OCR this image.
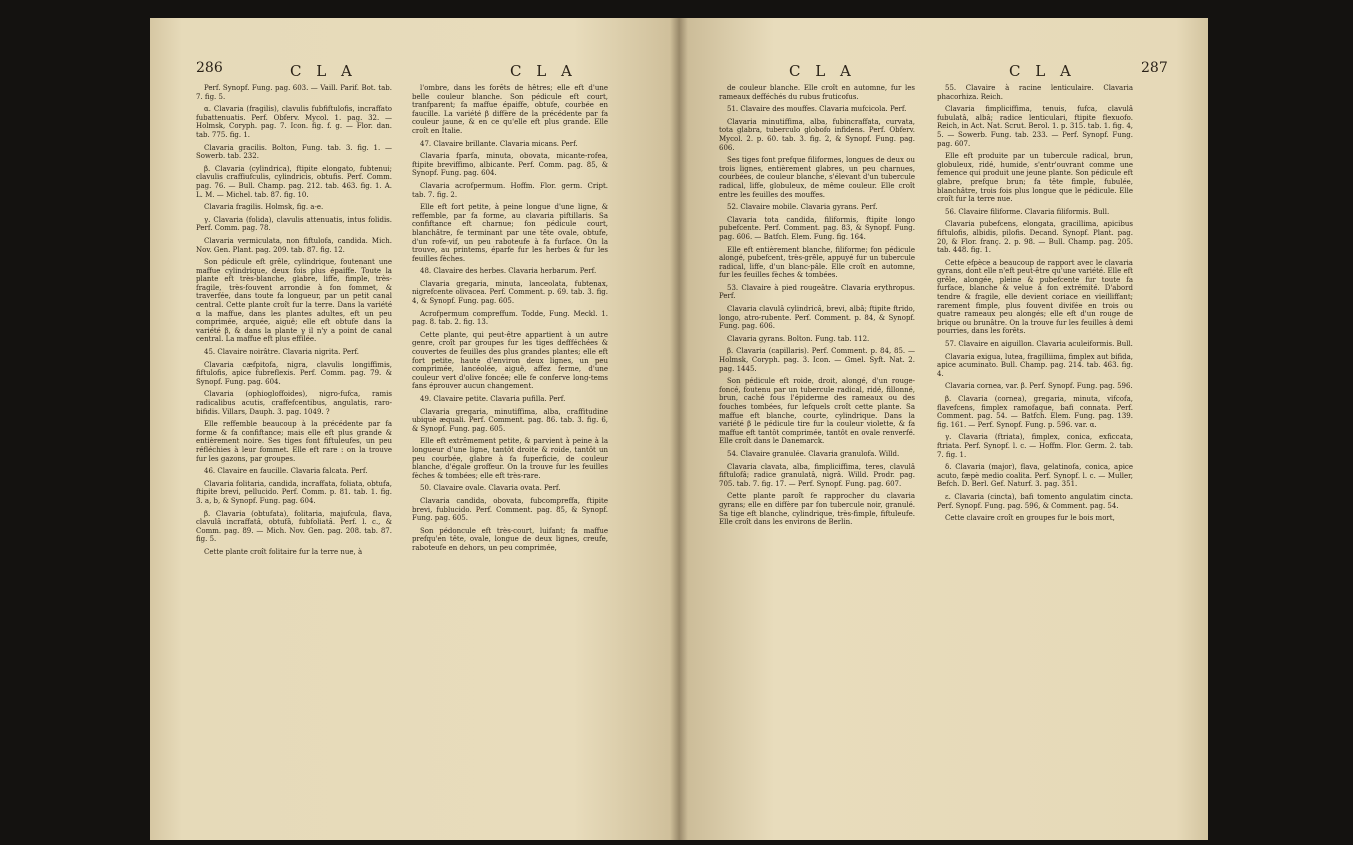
286	C L A	C L A

Perf. Synopf. Fung. pag. 603. — Vaill. Parif. Bot. tab. 7. fig. 5.

α. Clavaria (fragilis), clavulis fubfiftulofis, incraffato fubattenuatis. Perf. Obferv. Mycol. 1. pag. 32. — Holmsk, Coryph. pag. 7. Icon. fig. f. g. — Flor. dan. tab. 775. fig. 1.

Clavaria gracilis. Bolton, Fung. tab. 3. fig. 1. — Sowerb. tab. 232.

β. Clavaria (cylindrica), ftipite elongato, fubtenui; clavulis craffiufculis, cylindricis, obtufis. Perf. Comm. pag. 76. — Bull. Champ. pag. 212. tab. 463. fig. 1. A. L. M. — Michel. tab. 87. fig. 10.

Clavaria fragilis. Holmsk, fig. a-e.

γ. Clavaria (folida), clavulis attenuatis, intus folidis. Perf. Comm. pag. 78.

Clavaria vermiculata, non fiftulofa, candida. Mich. Nov. Gen. Plant. pag. 209. tab. 87. fig. 12.

Son pédicule eft grêle, cylindrique, foutenant une maffue cylindrique, deux fois plus épaiffe. Toute la plante eft très-blanche, glabre, liffe, fimple, très-fragile, très-fouvent arrondie à fon fommet, & traverfée, dans toute fa longueur, par un petit canal central. Cette plante croît fur la terre. Dans la variété α la maffue, dans les plantes adultes, eft un peu comprimée, arquée, aiguë; elle eft obtufe dans la variété β, & dans la plante γ il n'y a point de canal central. La maffue eft plus effilée.

45. Clavaire noirâtre. Clavaria nigrita. Perf.

Clavaria cæfpitofa, nigra, clavulis longiffimis, fiftulofis, apice fubreflexis. Perf. Comm. pag. 79. & Synopf. Fung. pag. 604.

Clavaria (ophiogloffoides), nigro-fufca, ramis radicalibus acutis, craffefcentibus, angulatis, raro-bifidis. Villars, Dauph. 3. pag. 1049. ?

Elle reffemble beaucoup à la précédente par fa forme & fa confiftance; mais elle eft plus grande & entièrement noire. Ses tiges font fiftuleufes, un peu réfléchies à leur fommet. Elle eft rare : on la trouve fur les gazons, par groupes.

46. Clavaire en faucille. Clavaria falcata. Perf.

Clavaria folitaria, candida, incraffata, foliata, obtufa, ftipite brevi, pellucido. Perf. Comm. p. 81. tab. 1. fig. 3. a, b, & Synopf. Fung. pag. 604.

β. Clavaria (obtufata), folitaria, majufcula, flava, clavulâ incraffatâ, obtufâ, fubfoliatâ. Perf. l. c., & Comm. pag. 89. — Mich. Nov. Gen. pag. 208. tab. 87. fig. 5.

Cette plante croît folitaire fur la terre nue, à

l'ombre, dans les forêts de hêtres; elle eft d'une belle couleur blanche. Son pédicule eft court, tranfparent; fa maffue épaiffe, obtufe, courbée en faucille. La variété β diffère de la précédente par fa couleur jaune, & en ce qu'elle eft plus grande. Elle croît en Italie.

47. Clavaire brillante. Clavaria micans. Perf.

Clavaria fparfa, minuta, obovata, micante-rofea, ftipite breviffimo, albicante. Perf. Comm. pag. 85, & Synopf. Fung. pag. 604.

Clavaria acrofpermum. Hoffm. Flor. germ. Cript. tab. 7. fig. 2.

Elle eft fort petite, à peine longue d'une ligne, & reffemble, par fa forme, au clavaria piftillaris. Sa confiftance eft charnue; fon pédicule court, blanchâtre, fe terminant par une tête ovale, obtufe, d'un rofe-vif, un peu raboteufe à fa furface. On la trouve, au printems, éparfe fur les herbes & fur les feuilles fèches.

48. Clavaire des herbes. Clavaria herbarum. Perf.

Clavaria gregaria, minuta, lanceolata, fubtenax, nigrefcente olivacea. Perf. Comment. p. 69. tab. 3. fig. 4, & Synopf. Fung. pag. 605.

Acrofpermum compreffum. Todde, Fung. Meckl. 1. pag. 8. tab. 2. fig. 13.

Cette plante, qui peut-être appartient à un autre genre, croît par groupes fur les tiges deffféchées & couvertes de feuilles des plus grandes plantes; elle eft fort petite, haute d'environ deux lignes, un peu comprimée, lancéolée, aiguë, affez ferme, d'une couleur vert d'olive foncée; elle fe conferve long-tems fans éprouver aucun changement.

49. Clavaire petite. Clavaria pufilla. Perf.

Clavaria gregaria, minutiffima, alba, craffitudine ubiquè æquali. Perf. Comment. pag. 86. tab. 3. fig. 6, & Synopf. Fung. pag. 605.

Elle eft extrêmement petite, & parvient à peine à la longueur d'une ligne, tantôt droite & roide, tantôt un peu courbée, glabre à fa fuperficie, de couleur blanche, d'égale groffeur. On la trouve fur les feuilles fèches & tombées; elle eft très-rare.

50. Clavaire ovale. Clavaria ovata. Perf.

Clavaria candida, obovata, fubcompreffa, ftipite brevi, fublucido. Perf. Comment. pag. 85, & Synopf. Fung. pag. 605.

Son pédoncule eft très-court, luifant; fa maffue prefqu'en tête, ovale, longue de deux lignes, creufe, raboteufe en dehors, un peu comprimée,

C L A	C L A	287

de couleur blanche. Elle croît en automne, fur les rameaux defféchés du rubus fruticofus.

51. Clavaire des mouffes. Clavaria mufcicola. Perf.

Clavaria minutiffima, alba, fubincraffata, curvata, tota glabra, tuberculo globofo infidens. Perf. Obferv. Mycol. 2. p. 60. tab. 3. fig. 2, & Synopf. Fung. pag. 606.

Ses tiges font prefque filiformes, longues de deux ou trois lignes, entièrement glabres, un peu charnues, courbées, de couleur blanche, s'élevant d'un tubercule radical, liffe, globuleux, de même couleur. Elle croît entre les feuilles des mouffes.

52. Clavaire mobile. Clavaria gyrans. Perf.

Clavaria tota candida, filiformis, ftipite longo pubefcente. Perf. Comment. pag. 83, & Synopf. Fung. pag. 606. — Batfch. Elem. Fung. fig. 164.

Elle eft entièrement blanche, filiforme; fon pédicule alongé, pubefcent, très-grêle, appuyé fur un tubercule radical, liffe, d'un blanc-pâle. Elle croît en automne, fur les feuilles fèches & tombées.

53. Clavaire à pied rougeâtre. Clavaria erythropus. Perf.

Clavaria clavulâ cylindricâ, brevi, albâ; ftipite ftrido, longo, atro-rubente. Perf. Comment. p. 84, & Synopf. Fung. pag. 606.

Clavaria gyrans. Bolton. Fung. tab. 112.

β. Clavaria (capillaris). Perf. Comment. p. 84, 85. — Holmsk, Coryph. pag. 3. Icon. — Gmel. Syft. Nat. 2. pag. 1445.

Son pédicule eft roide, droit, alongé, d'un rouge-foncé, foutenu par un tubercule radical, ridé, fillonné, brun, caché fous l'épiderme des rameaux ou des fouches tombées, fur lefquels croît cette plante. Sa maffue eft blanche, courte, cylindrique. Dans la variété β le pédicule tire fur la couleur violette, & fa maffue eft tantôt comprimée, tantôt en ovale renverfé. Elle croît dans le Danemarck.

54. Clavaire granulée. Clavaria granulofa. Willd.

Clavaria clavata, alba, fimpliciffima, teres, clavulâ fiftulofâ; radice granulatâ, nigrâ. Willd. Prodr. pag. 705. tab. 7. fig. 17. — Perf. Synopf. Fung. pag. 607.

Cette plante paroît fe rapprocher du clavaria gyrans; elle en diffère par fon tubercule noir, granulé. Sa tige eft blanche, cylindrique, très-fimple, fiftuleufe. Elle croît dans les environs de Berlin.

55. Clavaire à racine lenticulaire. Clavaria phacorhiza. Reich.

Clavaria fimpliciffima, tenuis, fufca, clavulâ fubulatâ, albâ; radice lenticulari, ftipite flexuofo. Reich, in Act. Nat. Scrut. Berol. 1. p. 315. tab. 1. fig. 4, 5. — Sowerb. Fung. tab. 233. — Perf. Synopf. Fung. pag. 607.

Elle eft produite par un tubercule radical, brun, globuleux, ridé, humide, s'entr'ouvrant comme une femence qui produit une jeune plante. Son pédicule eft glabre, prefque brun; fa tête fimple, fubulée, blanchâtre, trois fois plus longue que le pédicule. Elle croît fur la terre nue.

56. Clavaire filiforme. Clavaria filiformis. Bull.

Clavaria pubefcens, elongata, gracillima, apicibus fiftulofis, albidis, pilofis. Decand. Synopf. Plant. pag. 20, & Flor. franç. 2. p. 98. — Bull. Champ. pag. 205. tab. 448. fig. 1.

Cette efpèce a beaucoup de rapport avec le clavaria gyrans, dont elle n'eft peut-être qu'une variété. Elle eft grêle, alongée, pleine & pubefcente fur toute fa furface, blanche & velue à fon extrémité. D'abord tendre & fragile, elle devient coriace en vieilliffant; rarement fimple, plus fouvent divifée en trois ou quatre rameaux peu alongés; elle eft d'un rouge de brique ou brunâtre. On la trouve fur les feuilles à demi pourries, dans les forêts.

57. Clavaire en aiguillon. Clavaria aculeiformis. Bull.

Clavaria exigua, lutea, fragilliima, fimplex aut bifida, apice acuminato. Bull. Champ. pag. 214. tab. 463. fig. 4.

Clavaria cornea, var. β. Perf. Synopf. Fung. pag. 596.

β. Clavaria (cornea), gregaria, minuta, vifcofa, flavefcens, fimplex ramofaque, bafi connata. Perf. Comment. pag. 54. — Batfch. Elem. Fung. pag. 139. fig. 161. — Perf. Synopf. Fung. p. 596. var. α.

γ. Clavaria (ftriata), fimplex, conica, exficcata, ftriata. Perf. Synopf. l. c. — Hoffm. Flor. Germ. 2. tab. 7. fig. 1.

δ. Clavaria (major), flava, gelatinofa, conica, apice acuto, fæpè medio coalita. Perf. Synopf. l. c. — Muller, Befch. D. Berl. Gef. Naturf. 3. pag. 351.

ε. Clavaria (cincta), bafi tomento angulatim cincta. Perf. Synopf. Fung. pag. 596, & Comment. pag. 54.

Cette clavaire croît en groupes fur le bois mort,
